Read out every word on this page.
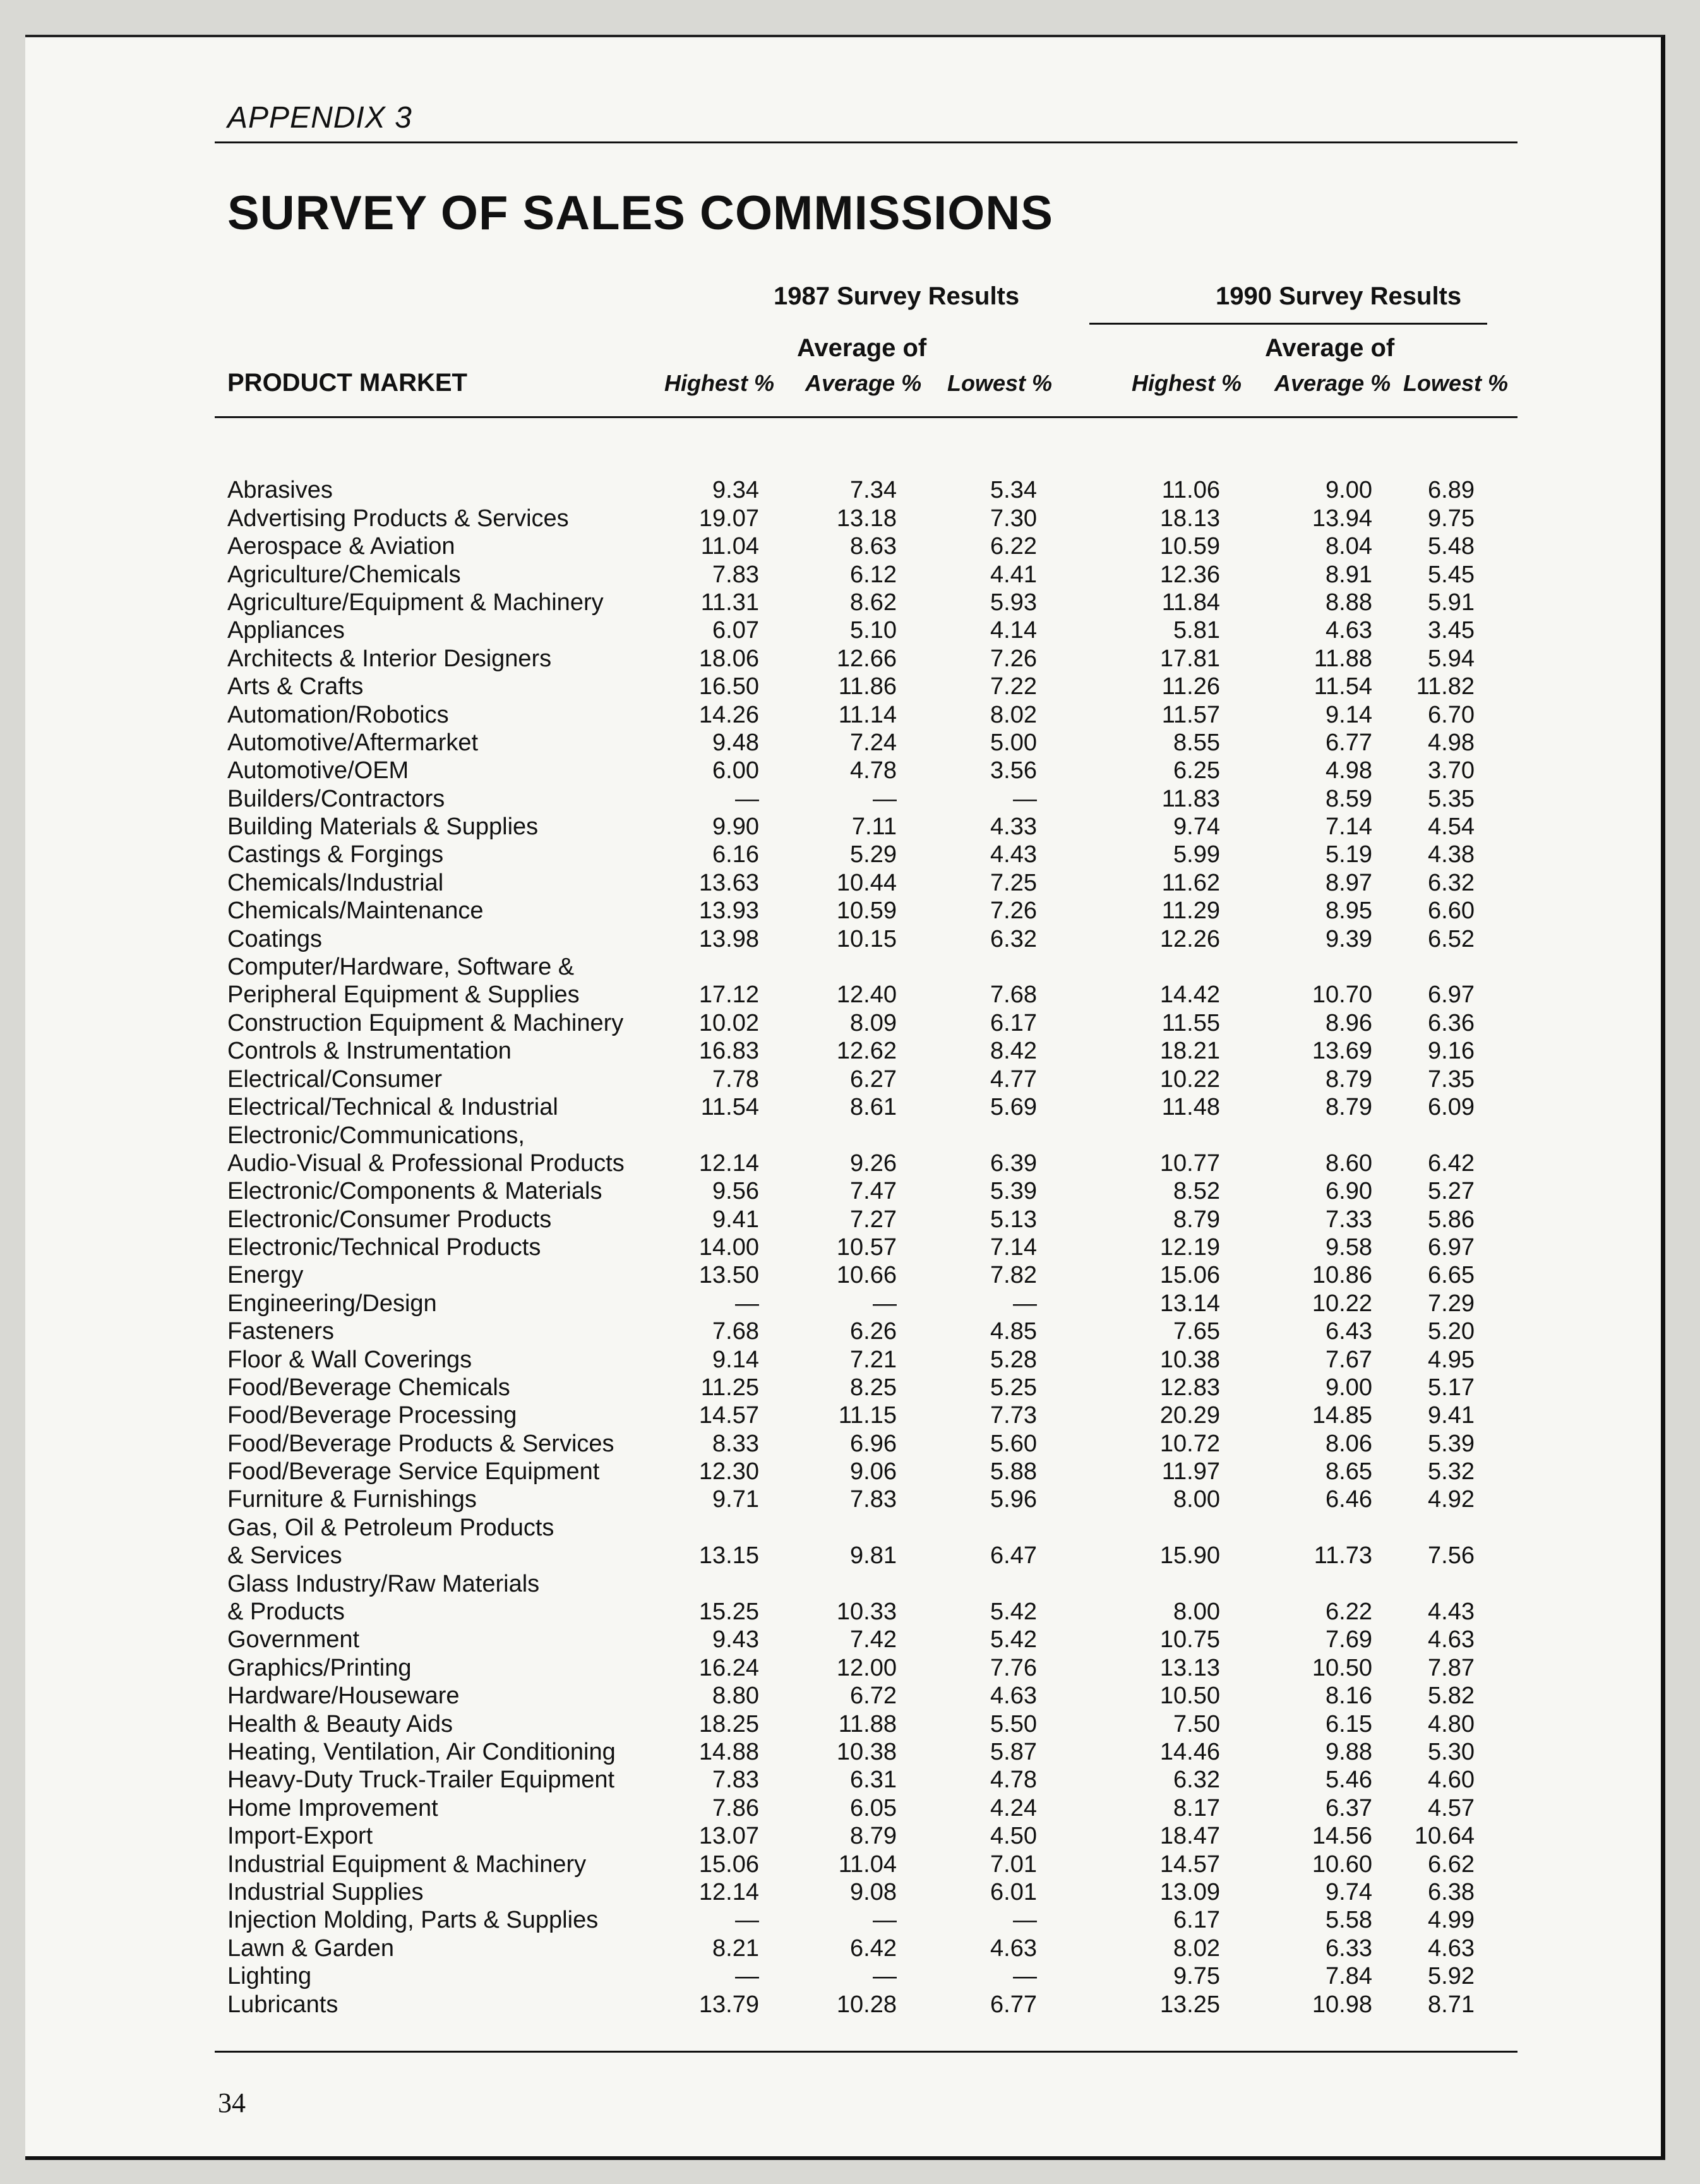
APPENDIX 3
SURVEY OF SALES COMMISSIONS
1987 Survey Results	1990 Survey Results
Average of	Average of
PRODUCT MARKET	Highest % Average % Lowest %	Highest % Average % Lowest %
Abrasives	9.34	7.34	5.34	11.06	9.00	6.89
Advertising Products & Services	19.07	13.18	7.30	18.13	13.94	9.75
Aerospace & Aviation	11.04	8.63	6.22	10.59	8.04	5.48
Agriculture/Chemicals	7.83	6.12	4.41	12.36	8.91	5.45
Agriculture/Equipment & Machinery	11.31	8.62	5.93	11.84	8.88	5.91
Appliances	6.07	5.10	4.14	5.81	4.63	3.45
Architects & Interior Designers	18.06	12.66	7.26	17.81	11.88	5.94
Arts & Crafts	16.50	11.86	7.22	11.26	11.54	11.82
Automation/Robotics	14.26	11.14	8.02	11.57	9.14	6.70
Automotive/Aftermarket	9.48	7.24	5.00	8.55	6.77	4.98
Automotive/OEM	6.00	4.78	3.56	6.25	4.98	3.70
Builders/Contractors	—	—	—	11.83	8.59	5.35
Building Materials & Supplies	9.90	7.11	4.33	9.74	7.14	4.54
Castings & Forgings	6.16	5.29	4.43	5.99	5.19	4.38
Chemicals/Industrial	13.63	10.44	7.25	11.62	8.97	6.32
Chemicals/Maintenance	13.93	10.59	7.26	11.29	8.95	6.60
Coatings	13.98	10.15	6.32	12.26	9.39	6.52
Computer/Hardware, Software &
Peripheral Equipment & Supplies	17.12	12.40	7.68	14.42	10.70	6.97
Construction Equipment & Machinery	10.02	8.09	6.17	11.55	8.96	6.36
Controls & Instrumentation	16.83	12.62	8.42	18.21	13.69	9.16
Electrical/Consumer	7.78	6.27	4.77	10.22	8.79	7.35
Electrical/Technical & Industrial	11.54	8.61	5.69	11.48	8.79	6.09
Electronic/Communications,
Audio-Visual & Professional Products	12.14	9.26	6.39	10.77	8.60	6.42
Electronic/Components & Materials	9.56	7.47	5.39	8.52	6.90	5.27
Electronic/Consumer Products	9.41	7.27	5.13	8.79	7.33	5.86
Electronic/Technical Products	14.00	10.57	7.14	12.19	9.58	6.97
Energy	13.50	10.66	7.82	15.06	10.86	6.65
Engineering/Design	—	—	—	13.14	10.22	7.29
Fasteners	7.68	6.26	4.85	7.65	6.43	5.20
Floor & Wall Coverings	9.14	7.21	5.28	10.38	7.67	4.95
Food/Beverage Chemicals	11.25	8.25	5.25	12.83	9.00	5.17
Food/Beverage Processing	14.57	11.15	7.73	20.29	14.85	9.41
Food/Beverage Products & Services	8.33	6.96	5.60	10.72	8.06	5.39
Food/Beverage Service Equipment	12.30	9.06	5.88	11.97	8.65	5.32
Furniture & Furnishings	9.71	7.83	5.96	8.00	6.46	4.92
Gas, Oil & Petroleum Products
& Services	13.15	9.81	6.47	15.90	11.73	7.56
Glass Industry/Raw Materials
& Products	15.25	10.33	5.42	8.00	6.22	4.43
Government	9.43	7.42	5.42	10.75	7.69	4.63
Graphics/Printing	16.24	12.00	7.76	13.13	10.50	7.87
Hardware/Houseware	8.80	6.72	4.63	10.50	8.16	5.82
Health & Beauty Aids	18.25	11.88	5.50	7.50	6.15	4.80
Heating, Ventilation, Air Conditioning	14.88	10.38	5.87	14.46	9.88	5.30
Heavy-Duty Truck-Trailer Equipment	7.83	6.31	4.78	6.32	5.46	4.60
Home Improvement	7.86	6.05	4.24	8.17	6.37	4.57
Import-Export	13.07	8.79	4.50	18.47	14.56	10.64
Industrial Equipment & Machinery	15.06	11.04	7.01	14.57	10.60	6.62
Industrial Supplies	12.14	9.08	6.01	13.09	9.74	6.38
Injection Molding, Parts & Supplies	—	—	—	6.17	5.58	4.99
Lawn & Garden	8.21	6.42	4.63	8.02	6.33	4.63
Lighting	—	—	—	9.75	7.84	5.92
Lubricants	13.79	10.28	6.77	13.25	10.98	8.71
34
